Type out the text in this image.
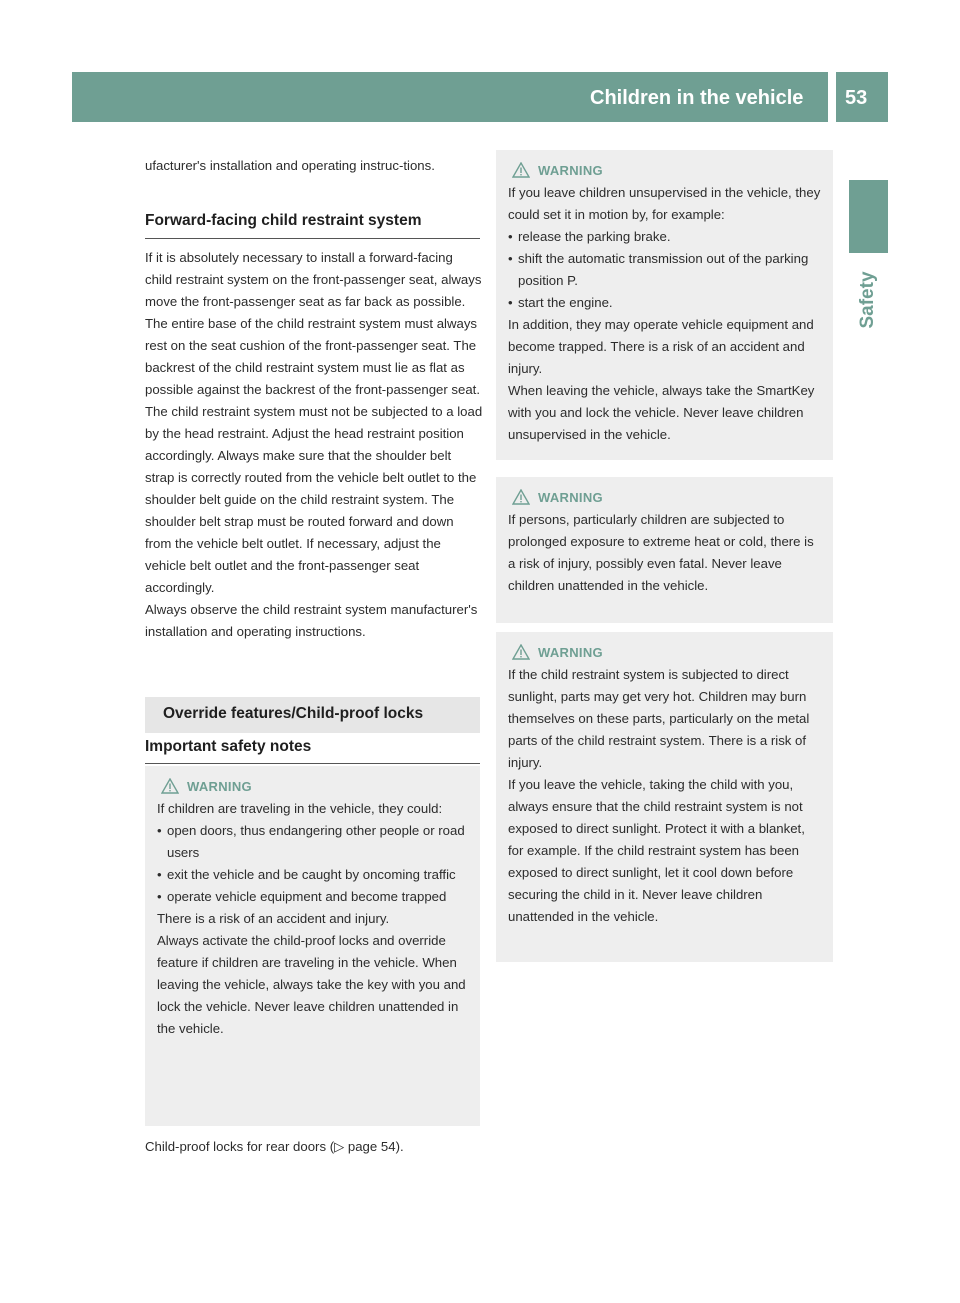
Children in the vehicle 53
Safety

ufacturer's installation and operating instruc-tions.

Forward-facing child restraint system

If it is absolutely necessary to install a forward-facing child restraint system on the front-passenger seat, always move the front-passenger seat as far back as possible. The entire base of the child restraint system must always rest on the seat cushion of the front-passenger seat. The backrest of the child restraint system must lie as flat as possible against the backrest of the front-passenger seat. The child restraint system must not be subjected to a load by the head restraint. Adjust the head restraint position accordingly. Always make sure that the shoulder belt strap is correctly routed from the vehicle belt outlet to the shoulder belt guide on the child restraint system. The shoulder belt strap must be routed forward and down from the vehicle belt outlet. If necessary, adjust the vehicle belt outlet and the front-passenger seat accordingly.

Always observe the child restraint system manufacturer's installation and operating instructions.

Override features/Child-proof locks
Important safety notes
WARNING

If children are traveling in the vehicle, they could:

• open doors, thus endangering other people or road users
• exit the vehicle and be caught by oncoming traffic
• operate vehicle equipment and become trapped

There is a risk of an accident and injury.

Always activate the child-proof locks and override feature if children are traveling in the vehicle. When leaving the vehicle, always take the key with you and lock the vehicle. Never leave children unattended in the vehicle.

Child-proof locks for rear doors (▷ page 54).

WARNING

If you leave children unsupervised in the vehicle, they could set it in motion by, for example:

• release the parking brake.
• shift the automatic transmission out of the parking position P.
• start the engine.

In addition, they may operate vehicle equipment and become trapped. There is a risk of an accident and injury.

When leaving the vehicle, always take the SmartKey with you and lock the vehicle. Never leave children unsupervised in the vehicle.

WARNING

If persons, particularly children are subjected to prolonged exposure to extreme heat or cold, there is a risk of injury, possibly even fatal. Never leave children unattended in the vehicle.

WARNING

If the child restraint system is subjected to direct sunlight, parts may get very hot. Children may burn themselves on these parts, particularly on the metal parts of the child restraint system. There is a risk of injury.

If you leave the vehicle, taking the child with you, always ensure that the child restraint system is not exposed to direct sunlight. Protect it with a blanket, for example. If the child restraint system has been exposed to direct sunlight, let it cool down before securing the child in it. Never leave children unattended in the vehicle.
